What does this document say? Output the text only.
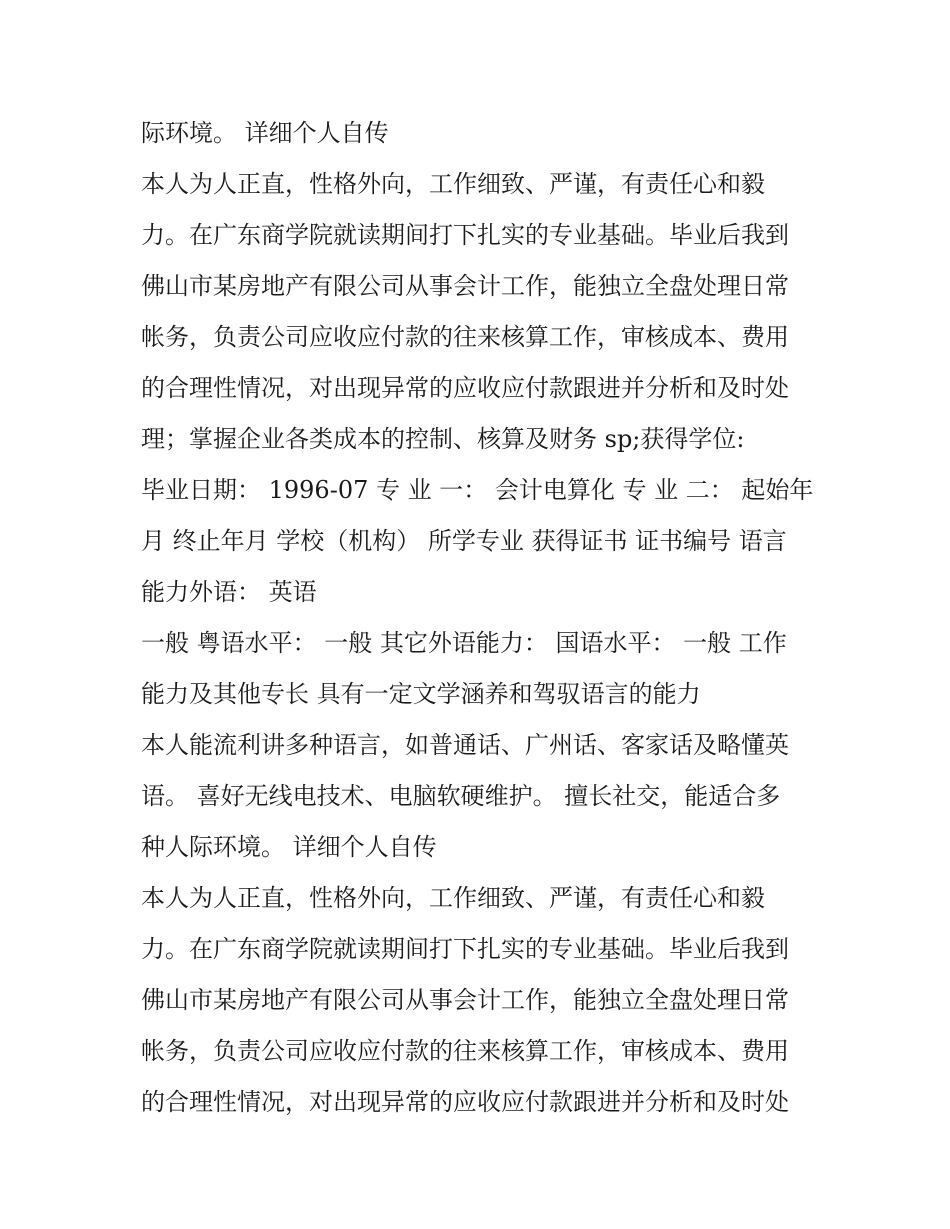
际环境。 详细个人自传
本人为人正直，性格外向，工作细致、严谨，有责任心和毅
力。在广东商学院就读期间打下扎实的专业基础。毕业后我到
佛山市某房地产有限公司从事会计工作，能独立全盘处理日常
帐务，负责公司应收应付款的往来核算工作，审核成本、费用
的合理性情况，对出现异常的应收应付款跟进并分析和及时处
理；掌握企业各类成本的控制、核算及财务 sp;获得学位:
毕业日期： 1996-07 专 业 一： 会计电算化 专 业 二： 起始年
月 终止年月 学校（机构） 所学专业 获得证书 证书编号 语言
能力外语： 英语
一般 粤语水平： 一般 其它外语能力： 国语水平： 一般 工作
能力及其他专长 具有一定文学涵养和驾驭语言的能力
本人能流利讲多种语言，如普通话、广州话、客家话及略懂英
语。 喜好无线电技术、电脑软硬维护。 擅长社交，能适合多
种人际环境。 详细个人自传
本人为人正直，性格外向，工作细致、严谨，有责任心和毅
力。在广东商学院就读期间打下扎实的专业基础。毕业后我到
佛山市某房地产有限公司从事会计工作，能独立全盘处理日常
帐务，负责公司应收应付款的往来核算工作，审核成本、费用
的合理性情况，对出现异常的应收应付款跟进并分析和及时处
